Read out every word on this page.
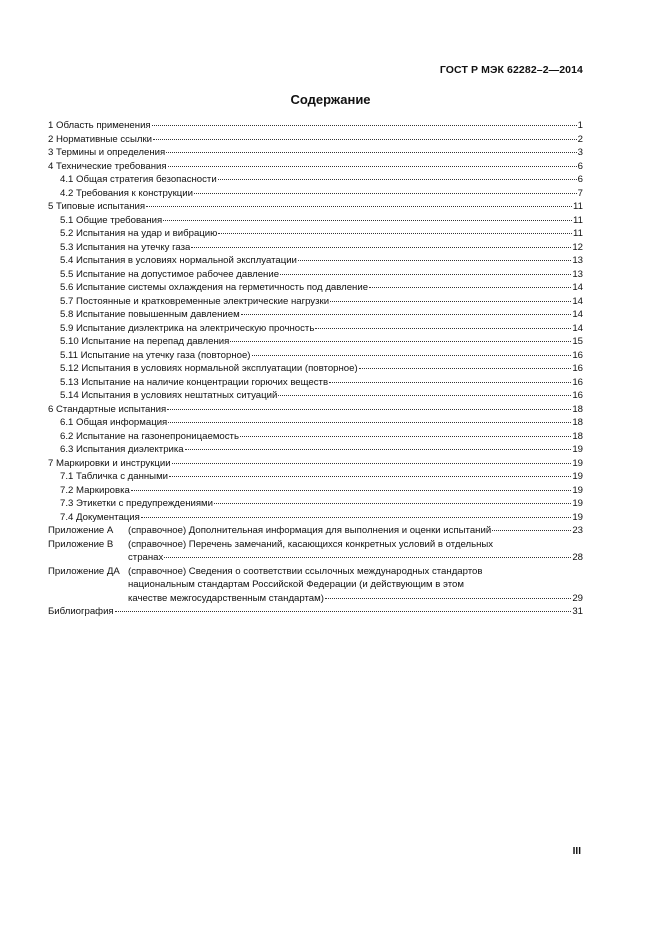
ГОСТ Р МЭК 62282–2—2014
Содержание
1 Область применения	1
2 Нормативные ссылки	2
3 Термины и определения	3
4 Технические требования	6
4.1 Общая стратегия безопасности	6
4.2 Требования к конструкции	7
5 Типовые испытания	11
5.1 Общие требования	11
5.2 Испытания на удар и вибрацию	11
5.3 Испытания на утечку газа	12
5.4 Испытания в условиях нормальной эксплуатации	13
5.5 Испытание на допустимое рабочее давление	13
5.6 Испытание системы охлаждения на герметичность под давление	14
5.7 Постоянные и кратковременные электрические нагрузки	14
5.8 Испытание повышенным давлением	14
5.9 Испытание диэлектрика на электрическую прочность	14
5.10 Испытание на перепад давления	15
5.11 Испытание на утечку газа (повторное)	16
5.12 Испытания в условиях нормальной эксплуатации (повторное)	16
5.13 Испытание на наличие концентрации горючих веществ	16
5.14 Испытания в условиях нештатных ситуаций	16
6 Стандартные испытания	18
6.1 Общая информация	18
6.2 Испытание на газонепроницаемость	18
6.3 Испытания диэлектрика	19
7 Маркировки и инструкции	19
7.1 Табличка с данными	19
7.2 Маркировка	19
7.3 Этикетки с предупреждениями	19
7.4 Документация	19
Приложение А	(справочное) Дополнительная информация для выполнения и оценки испытаний	23
Приложение В	(справочное) Перечень замечаний, касающихся конкретных условий в отдельных
странах	28
Приложение ДА (справочное) Сведения о соответствии ссылочных международных стандартов
национальным стандартам Российской Федерации (и действующим в этом
качестве межгосударственным стандартам)	29
Библиография	31
III
